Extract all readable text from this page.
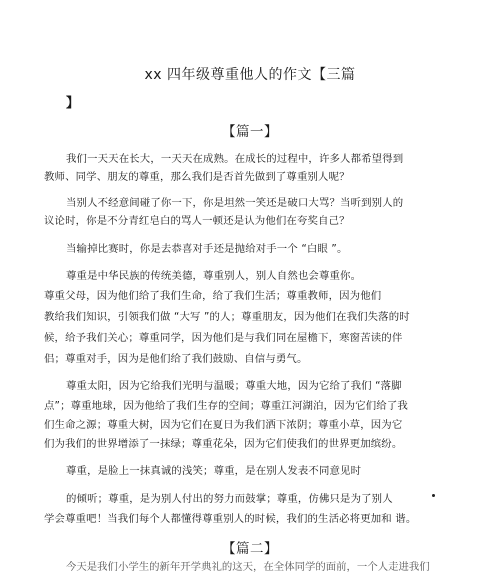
xx 四年级尊重他人的作文【三篇
】
【篇一】
我们一天天在长大，一天天在成熟。在成长的过程中，许多人都希望得到
教师、同学、朋友的尊重，那么我们是否首先做到了尊重别人呢？
当别人不经意间碰了你一下，你是坦然一笑还是破口大骂？当听到别人的
议论时，你是不分青红皂白的骂人一顿还是认为他们在夸奖自己？
当输掉比赛时，你是去恭喜对手还是抛给对手一个 “白眼 ”。
尊重是中华民族的传统美德，尊重别人，别人自然也会尊重你。
尊重父母，因为他们给了我们生命，给了我们生活；尊重教师，因为他们
教给我们知识，引领我们做 “大写 ”的人；尊重朋友，因为他们在我们失落的时
候，给予我们关心；尊重同学，因为他们是与我们同在屋檐下，寒窗苦读的伴
侣；尊重对手，因为是他们给了我们鼓励、自信与勇气。
尊重太阳，因为它给我们光明与温暖；尊重大地，因为它给了我们 “落脚
点”；尊重地球，因为他给了我们生存的空间；尊重江河湖泊，因为它们给了我
们生命之源；尊重大树，因为它们在夏日为我们洒下浓阴；尊重小草，因为它
们为我们的世界增添了一抹绿；尊重花朵，因为它们使我们的世界更加缤纷。
尊重，是脸上一抹真诚的浅笑；尊重，是在别人发表不同意见时
的倾听；尊重，是为别人付出的努力而鼓掌；尊重，仿佛只是为了别人
学会尊重吧！当我们每个人都懂得尊重别人的时候，我们的生活必将更加和 谐。
【篇二】
今天是我们小学生的新年开学典礼的这天，在全体同学的面前，一个人走进我们
